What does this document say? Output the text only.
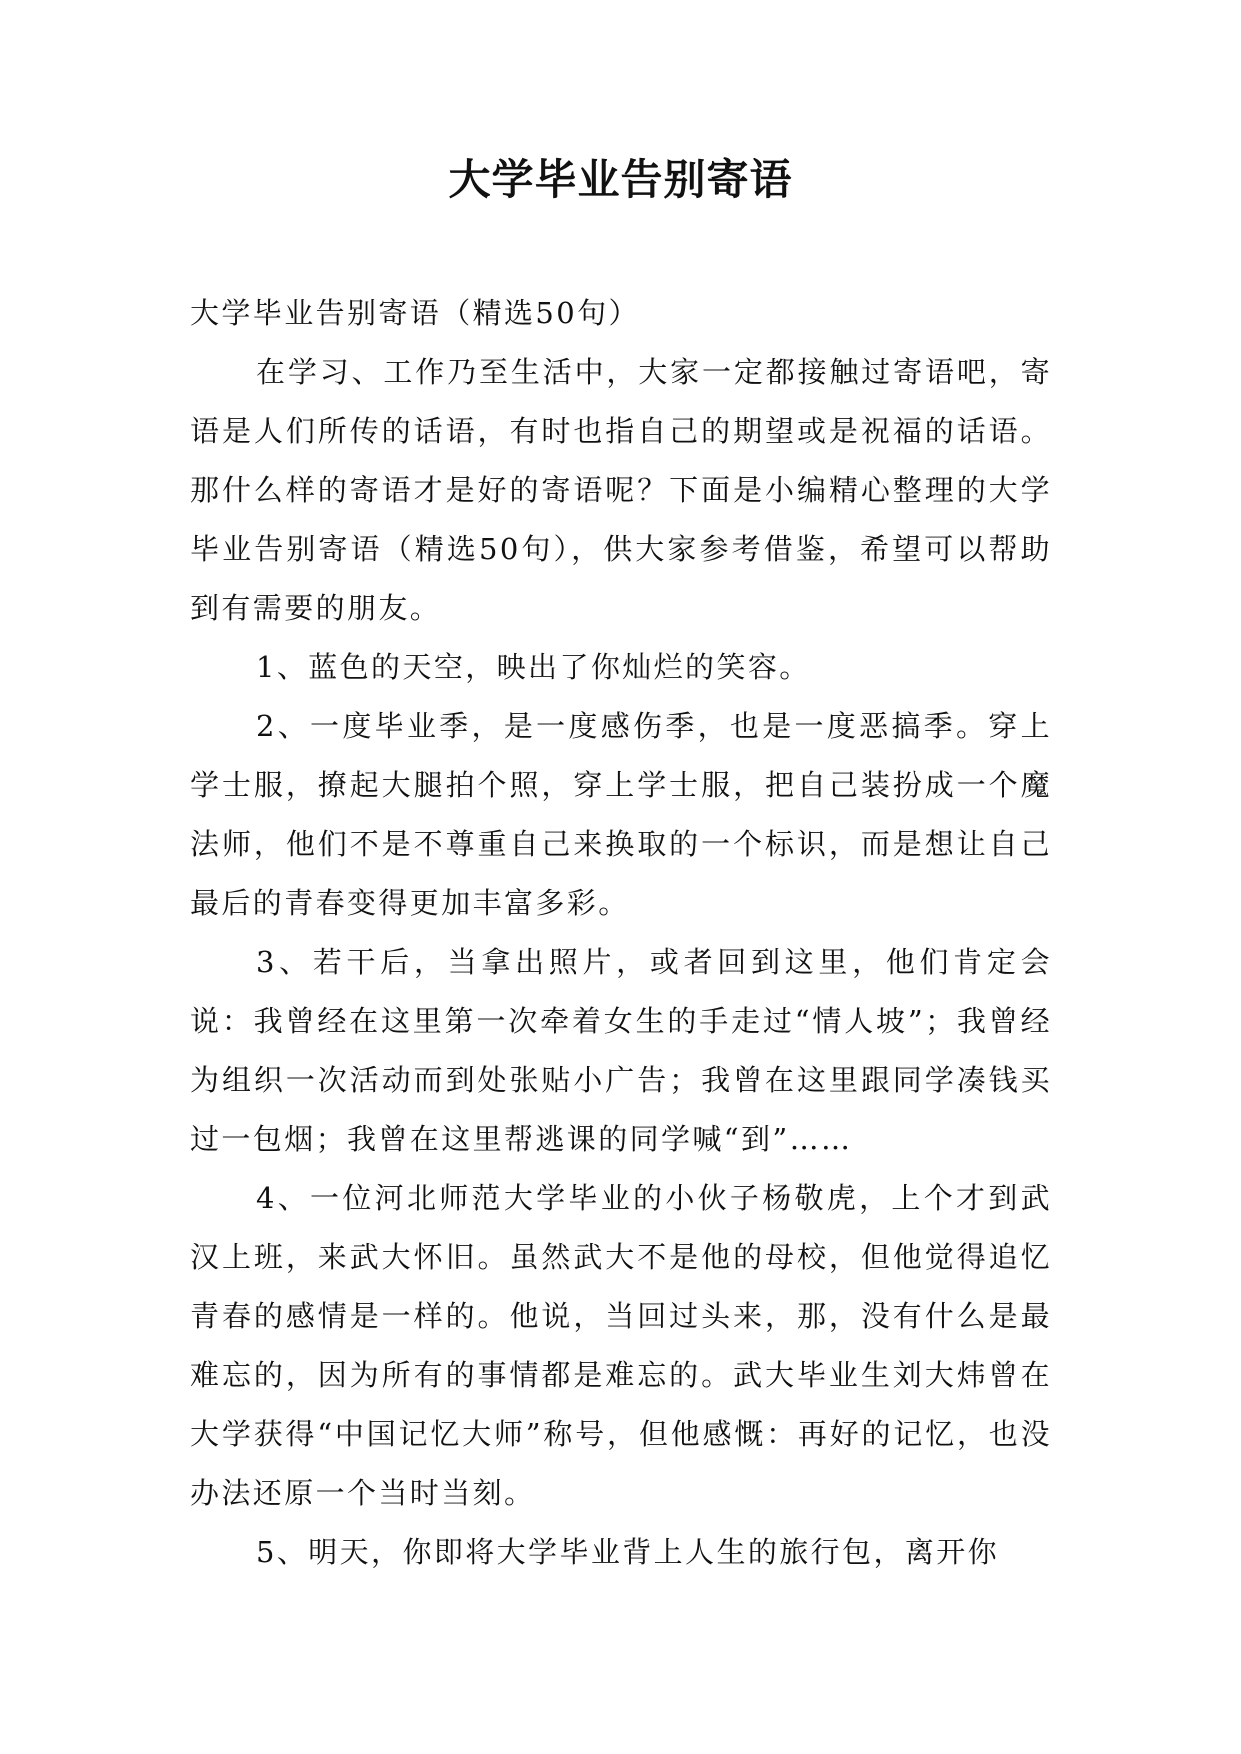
大学毕业告别寄语

大学毕业告别寄语（精选50句）

在学习、工作乃至生活中，大家一定都接触过寄语吧，寄语是人们所传的话语，有时也指自己的期望或是祝福的话语。那什么样的寄语才是好的寄语呢？下面是小编精心整理的大学毕业告别寄语（精选50句），供大家参考借鉴，希望可以帮助到有需要的朋友。

1、蓝色的天空，映出了你灿烂的笑容。

2、一度毕业季，是一度感伤季，也是一度恶搞季。穿上学士服，撩起大腿拍个照，穿上学士服，把自己装扮成一个魔法师，他们不是不尊重自己来换取的一个标识，而是想让自己最后的青春变得更加丰富多彩。

3、若干后，当拿出照片，或者回到这里，他们肯定会说：我曾经在这里第一次牵着女生的手走过“情人坡”；我曾经为组织一次活动而到处张贴小广告；我曾在这里跟同学凑钱买过一包烟；我曾在这里帮逃课的同学喊“到”……

4、一位河北师范大学毕业的小伙子杨敬虎，上个才到武汉上班，来武大怀旧。虽然武大不是他的母校，但他觉得追忆青春的感情是一样的。他说，当回过头来，那，没有什么是最难忘的，因为所有的事情都是难忘的。武大毕业生刘大炜曾在大学获得“中国记忆大师”称号，但他感慨：再好的记忆，也没办法还原一个当时当刻。

5、明天，你即将大学毕业背上人生的旅行包，离开你
